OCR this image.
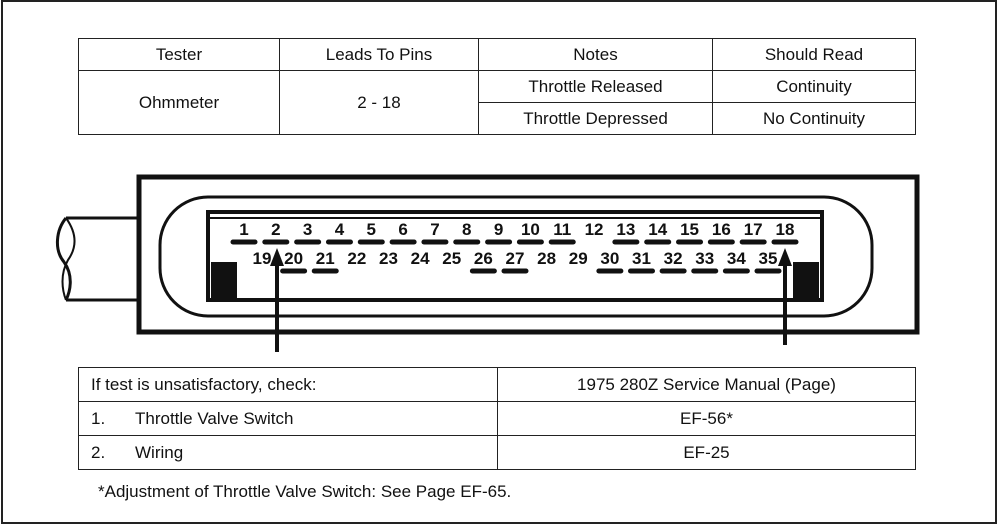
Tester	Leads To Pins	Notes	Should Read
Ohmmeter	2 - 18	Throttle Released	Continuity
		Throttle Depressed	No Continuity
1 2 3 4 5 6 7 8 9 10 11 12 13 14 15 16 17 18
19 20 21 22 23 24 25 26 27 28 29 30 31 32 33 34 35
If test is unsatisfactory, check:	1975 280Z Service Manual (Page)
1. Throttle Valve Switch	EF-56*
2. Wiring	EF-25

*Adjustment of Throttle Valve Switch: See Page EF-65.
